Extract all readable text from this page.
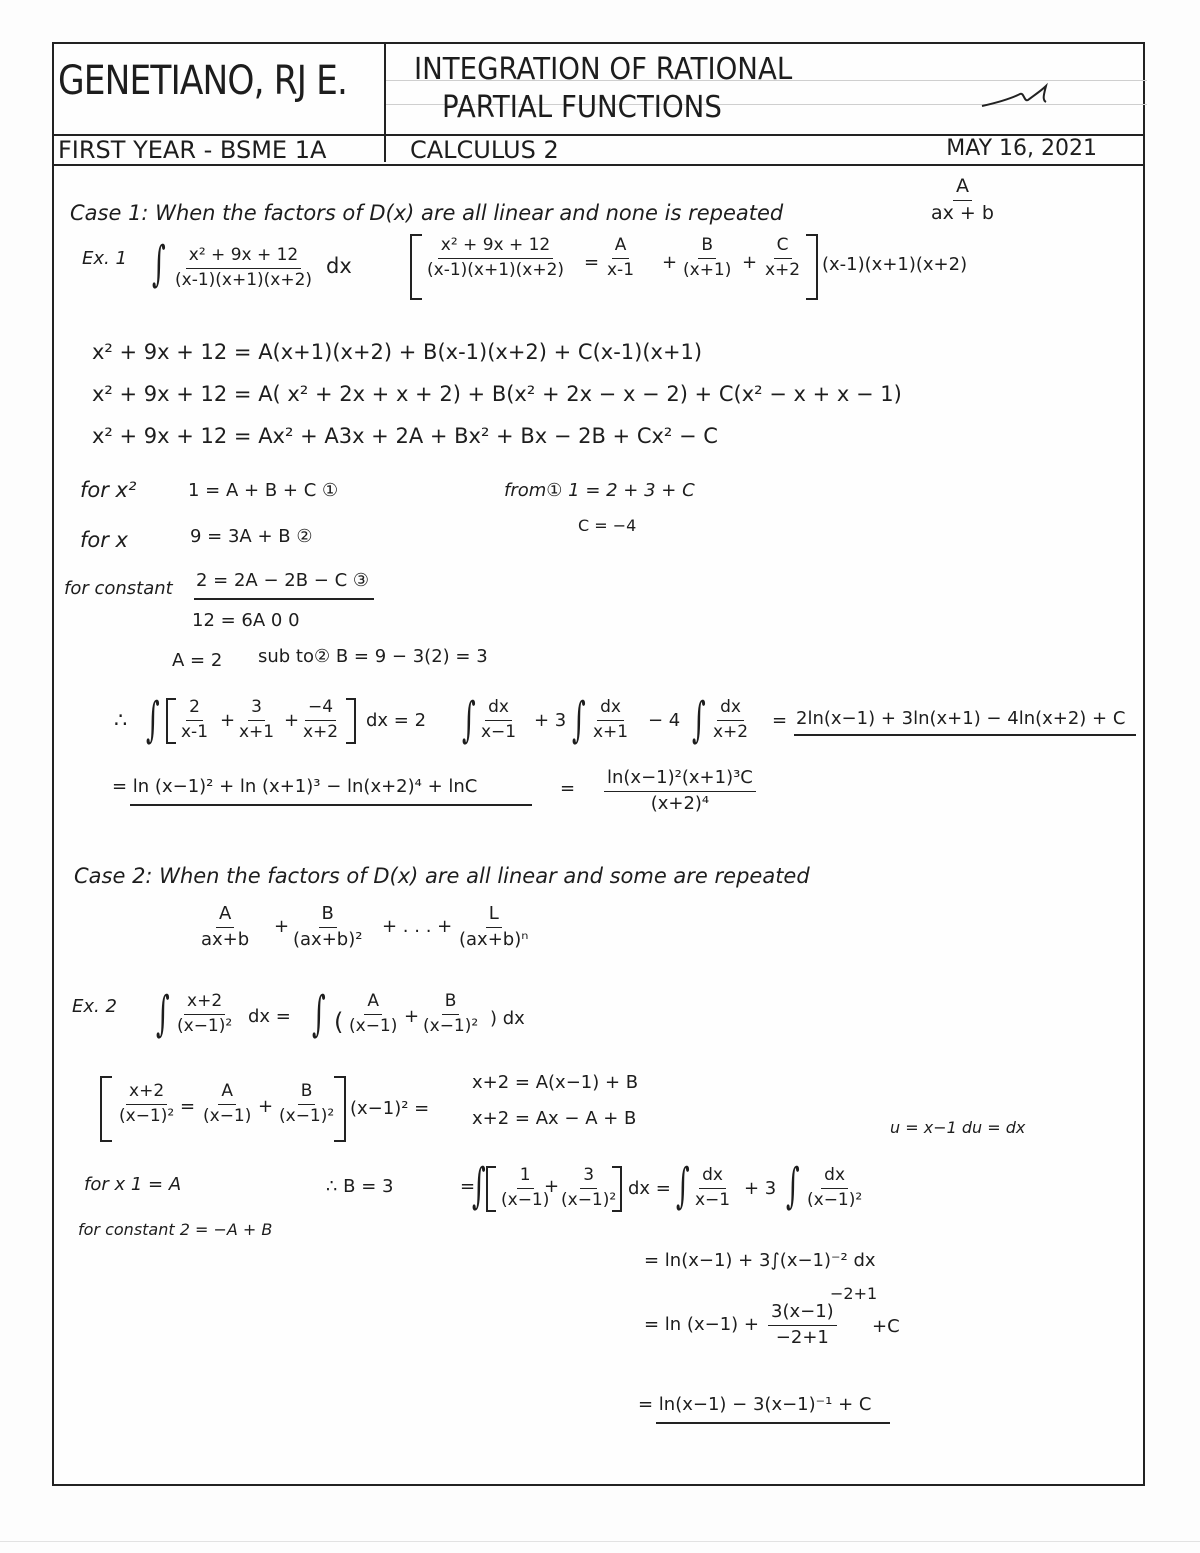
GENETIANO, RJ E. INTEGRATION OF RATIONAL
PARTIAL FUNCTIONS
FIRST YEAR - BSME 1A	CALCULUS 2	MAY 16, 2021
Case 1: When the factors of D(x) are all linear and none is repeated	$\frac{A}{ax + b}$
Ex. 1 ∫ $\frac{\text{x² + 9x + 12}}{(x-1)(x+1)(x+2)}$ dx	$\frac{\text{x² + 9x + 12}}{(x-1)(x+1)(x+2)} = \frac{A}{x-1} + \frac{B}{(x+1)} + \frac{C}{x+2} (x-1)(x+1)(x+2)$
x² + 9x + 12 = A(x+1)(x+2) + B(x-1)(x+2) + C(x-1)(x+1)
x² + 9x + 12 = A( x² + 2x + x + 2) + B(x² + 2x − x − 2) + C(x² − x + x − 1)
x² + 9x + 12 = Ax² + A3x + 2A + Bx² + Bx − 2B + Cx² − C
for x²	1 = A + B + C ①	from① 1 = 2 + 3 + C
C = −4
for x	9 = 3A + B ②
for constant 2 = 2A − 2B − C ③
12 = 6A 0 0
A = 2 sub to② B = 9 − 3(2) = 3
∴ ∫ $\frac{2}{x-1} + \frac{3}{x+1} + \frac{-4}{x+2}$ dx = 2 ∫ $\frac{dx}{x-1} + 3$ ∫ $\frac{dx}{x+1} - 4$ ∫ $\frac{dx}{x+2} = 2\ln(x-1) + 3\ln(x+1) - 4\ln(x+2) + C$
= ln (x−1)² + ln (x+1)³ − ln(x+2)⁴ + lnC	= $\frac{\text{ln(x−1)²(x+1)³C}}{\text{(x+2)⁴}}$
Case 2: When the factors of D(x) are all linear and some are repeated
$\frac{A}{ax+b} + \frac{B}{\text{(ax+b)²}}$ + . . . + $\frac{L}{\text{(ax+b)ⁿ}}$
Ex. 2 ∫ $\frac{x+2}{\text{(x−1)²}}$ dx = ∫ ( $\frac{A}{(x-1)} + \frac{B}{\text{(x−1)²}}$ ) dx
$\frac{x+2}{\text{(x−1)²}} = \frac{A}{(x-1)} + \frac{B}{\text{(x−1)²}} (x-1)^2$ =
x+2 = A(x−1) + B
x+2 = Ax − A + B	u = x−1 du = dx
for x 1 = A	∴ B = 3
for constant 2 = −A + B
=
∫ $\frac{1}{(x-1)}$
+
$\frac{3}{\text{(x−1)²}}$ dx = ∫ $\frac{dx}{x-1} + 3$ ∫ $\frac{dx}{\text{(x−1)²}}$
= ln(x−1) + 3∫(x−1)⁻² dx
−2+1
= $\ln (x-1) + \frac{3(x-1)}{-2+1} +C$
= ln(x−1) − 3(x−1)⁻¹ + C
